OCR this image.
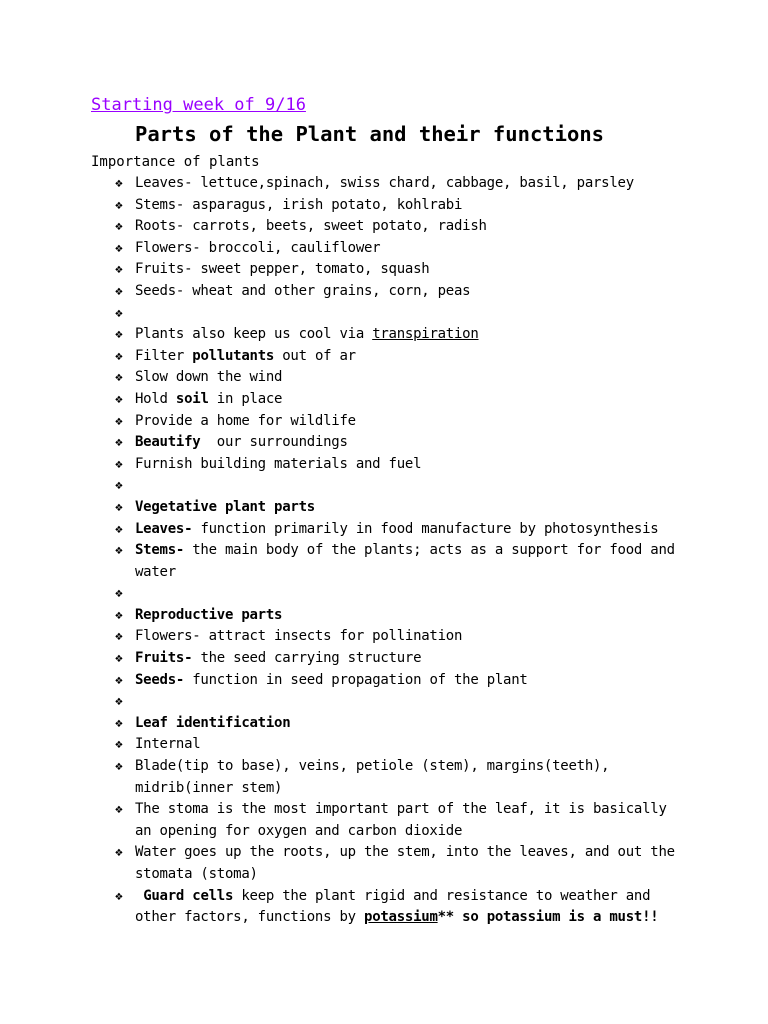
Starting week of 9/16
Parts of the Plant and their functions
Importance of plants
❖ Leaves- lettuce,spinach, swiss chard, cabbage, basil, parsley
❖ Stems- asparagus, irish potato, kohlrabi
❖ Roots- carrots, beets, sweet potato, radish
❖ Flowers- broccoli, cauliflower
❖ Fruits- sweet pepper, tomato, squash
❖ Seeds- wheat and other grains, corn, peas
❖
❖ Plants also keep us cool via transpiration
❖ Filter pollutants out of ar
❖ Slow down the wind
❖ Hold soil in place
❖ Provide a home for wildlife
❖ Beautify  our surroundings
❖ Furnish building materials and fuel
❖
❖ Vegetative plant parts
❖ Leaves- function primarily in food manufacture by photosynthesis
❖ Stems- the main body of the plants; acts as a support for food and water
❖
❖ Reproductive parts
❖ Flowers- attract insects for pollination
❖ Fruits- the seed carrying structure
❖ Seeds- function in seed propagation of the plant
❖
❖ Leaf identification
❖ Internal
❖ Blade(tip to base), veins, petiole (stem), margins(teeth), midrib(inner stem)
❖ The stoma is the most important part of the leaf, it is basically an opening for oxygen and carbon dioxide
❖ Water goes up the roots, up the stem, into the leaves, and out the stomata (stoma)
❖ Guard cells keep the plant rigid and resistance to weather and other factors, functions by potassium** so potassium is a must!!
